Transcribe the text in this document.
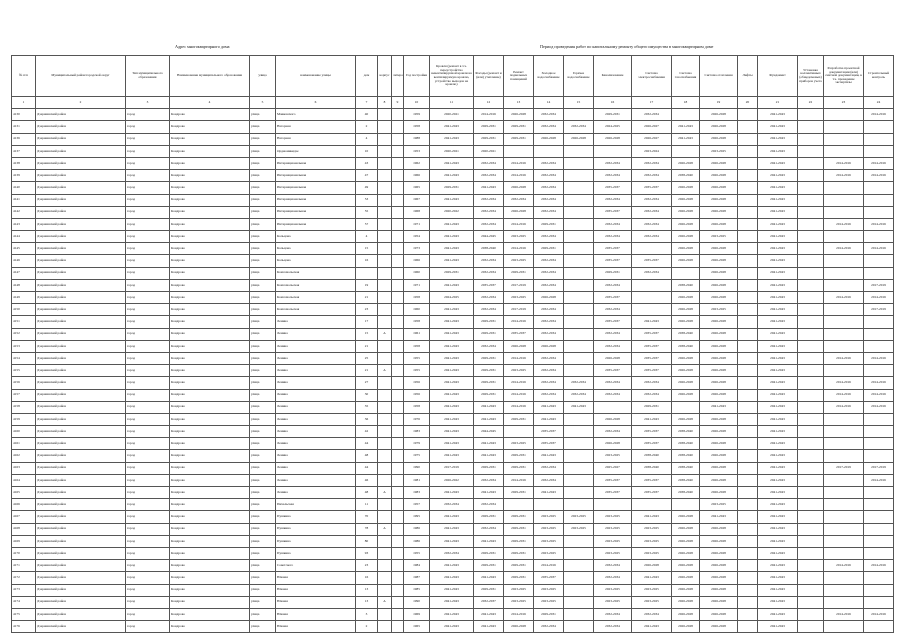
Адрес многоквартирного дома	Период проведения работ по капитальному ремонту общего имущества в многоквартирном доме
№ п/п	Муниципальный район/городской округ	Тип муниципального образования	Наименование муниципального образования	улица	наименование улицы	дом	корпус	литера	Год постройки	Кровля (ремонт в т.ч. переустройство невентилируемой кровли на вентилируемую кровлю, устройство выходов на кровлю)	Фасады (ремонт и (или) утепление)	Ремонт подвальных помещений	Холодное водоснабжение	Горячее водоснабжение	Канализование	Система электроснабжения	Система газоснабжения	Система отопления	Лифты	Фундамент	Установка коллективных (общедомовых) приборов учета	Разработка проектной документации (или) сметной документации, в т.ч. проведение экспертизы	Строительный контроль
1	2	3	4	5	6	7	8	9	10	11	12	13	14	15	16	17	18	19	20	21	22	23	24
4130	Дзержинский район	город	Кондрово	улица	Маяковского	40			1959	2020-2021	2014-2016	2026-2028	2032-2034		2029-2031	2032-2034		2026-2028		2041-2043			2014-2016
4131	Дзержинский район	город	Кондрово	улица	Нагорная	2			1958	2041-2043	2029-2031	2029-2031	2032-2034	2032-2034	2024-2025	2026-2027	2041-2043	2026-2028		2041-2043			
4136	Дзержинский район	город	Кондрово	улица	Нагорная	4			1988	2041-2043	2029-2031	2029-2031	2026-2028	2026-2028	2026-2028	2026-2027	2041-2043	2026-2028		2041-2043			
4137	Дзержинский район	город	Кондрово	улица	Орджоникидзе	10			1953	2020-2021	2020-2021					2023-2024		2023-2025		2041-2043			
4138	Дзержинский район	город	Кондрово	улица	Интернациональная	43			1962	2041-2043	2032-2034	2014-2016	2032-2034		2032-2034	2032-2034	2026-2028	2026-2028		2041-2043		2014-2016	2014-2016
4139	Дзержинский район	город	Кондрово	улица	Интернациональная	47			1966	2041-2043	2032-2034	2014-2016	2032-2034		2032-2034	2032-2034	2038-2040	2026-2028		2041-2043		2014-2016	2014-2016
4140	Дзержинский район	город	Кондрово	улица	Интернациональная	49			1965	2029-2031	2041-2043	2026-2028	2032-2034		2035-2037	2035-2037	2026-2028	2026-2028		2041-2043			
4141	Дзержинский район	город	Кондрово	улица	Интернациональная	53			1967	2041-2043	2032-2034	2032-2034	2032-2034		2032-2034	2032-2034	2026-2028	2026-2028		2041-2043			
4142	Дзержинский район	город	Кондрово	улица	Интернациональная	55			1968	2020-2022	2032-2034	2026-2028	2032-2034		2035-2037	2032-2034	2026-2028	2026-2028		2041-2043			
4143	Дзержинский район	город	Кондрово	улица	Интернациональная	57			1971	2041-2043	2032-2034	2014-2016	2029-2031		2032-2034	2032-2034	2026-2028	2026-2028		2041-2043		2014-2016	2014-2016
4144	Дзержинский район	город	Кондрово	улица	Кольцова	4			1954	2041-2043	2044-2045	2023-2025	2032-2034		2032-2034	2032-2034	2026-2028	2023-2025		2041-2043			
4145	Дзержинский район	город	Кондрово	улица	Кольцова	15			1973	2041-2043	2038-2040	2014-2016	2029-2031		2035-2037		2026-2028	2026-2028		2041-2043		2014-2016	2014-2016
4146	Дзержинский район	город	Кондрово	улица	Кольцова	16			1966	2041-2043	2032-2034	2023-2025	2032-2034		2035-2037	2035-2037	2026-2028	2026-2028		2041-2043			
4147	Дзержинский район	город	Кондрово	улица	Комсомольская				1960	2029-2031	2032-2034	2029-2031	2032-2034		2029-2031	2032-2034		2026-2028		2041-2043			
4148	Дзержинский район	город	Кондрово	улица	Комсомольская	19			1971	2041-2043	2035-2037	2017-2019	2032-2034		2032-2034		2038-2040	2026-2028		2041-2043			2017-2019
4149	Дзержинский район	город	Кондрово	улица	Комсомольская	21			1958	2024-2025	2032-2034	2023-2025	2026-2028		2035-2037		2026-2028	2026-2028		2041-2043		2014-2016	2014-2016
4150	Дзержинский район	город	Кондрово	улица	Комсомольская	23			1960	2041-2043	2032-2034	2017-2019	2032-2034		2032-2034		2026-2028	2023-2025		2041-2043			2017-2019
4151	Дзержинский район	город	Кондрово	улица	Ленина	17			1958	2041-2043	2029-2031	2014-2016	2032-2034		2035-2037	2041-2043	2026-2028	2026-2028		2041-2043			
4152	Дзержинский район	город	Кондрово	улица	Ленина	15	А		1961	2041-2043	2029-2031	2035-2037	2032-2034		2032-2034	2035-2037	2038-2040	2026-2028		2041-2043			
4153	Дзержинский район	город	Кондрово	улица	Ленина	21			1958	2041-2043	2032-2034	2026-2028	2026-2028		2032-2034	2035-2037	2038-2040	2026-2028		2041-2043			
4154	Дзержинский район	город	Кондрово	улица	Ленина	25			1955	2041-2043	2029-2031	2014-2016	2032-2034		2026-2028	2035-2037	2026-2028	2026-2028		2041-2043		2014-2016	2014-2016
4155	Дзержинский район	город	Кондрово	улица	Ленина	21	А		1955	2041-2043	2029-2031	2023-2025	2032-2034		2035-2037	2035-2037	2026-2028	2026-2028		2041-2043			
4156	Дзержинский район	город	Кондрово	улица	Ленина	27			1956	2041-2043	2029-2031	2014-2016	2032-2034	2032-2034	2032-2034	2032-2034	2026-2028	2026-2028		2041-2043		2014-2016	2014-2016
4157	Дзержинский район	город	Кондрово	улица	Ленина	30			1956	2041-2043	2029-2031	2014-2016	2032-2034	2032-2034	2032-2034	2032-2034	2026-2028	2026-2028		2041-2043		2014-2016	2014-2016
4158	Дзержинский район	город	Кондрово	улица	Ленина	35			1958	2041-2043	2041-2043	2014-2016	2041-2043	2041-2043		2029-2031		2041-2043		2041-2043		2014-2016	2014-2016
4159	Дзержинский район	город	Кондрово	улица	Ленина	36			1976	2041-2043	2041-2043	2029-2031	2041-2043		2026-2028	2041-2043	2026-2028	2026-2028		2041-2043			
4160	Дзержинский район	город	Кондрово	улица	Ленина	42			1983	2041-2043	2044-2045		2035-2037		2032-2034	2035-2037	2038-2040	2026-2028		2041-2043			
4161	Дзержинский район	город	Кондрово	улица	Ленина	44			1979	2041-2043	2041-2043	2023-2025	2035-2037		2026-2028	2035-2037	2038-2040	2026-2028		2041-2043			
4162	Дзержинский район	город	Кондрово	улица	Ленина	48			1975	2041-2043	2041-2043	2029-2031	2041-2043		2023-2025	2038-2040	2038-2040	2026-2028		2041-2043			
4163	Дзержинский район	город	Кондрово	улица	Ленина	44			1990	2017-2019	2029-2031	2029-2031	2032-2034		2025-2027	2038-2040	2038-2040	2026-2028		2041-2043		2017-2019	2017-2019
4164	Дзержинский район	город	Кондрово	улица	Ленина	46			1981	2026-2022	2032-2034	2014-2016	2032-2034		2035-2037	2035-2037	2038-2040	2026-2028		2041-2043			2014-2016
4165	Дзержинский район	город	Кондрово	улица	Ленина	48	А		1983	2041-2043	2041-2043	2029-2031	2041-2043		2035-2037	2035-2037	2038-2040	2026-2028		2041-2043			
4166	Дзержинский район	город	Кондрово	улица	Пихальская	11			1957	2032-2034	2032-2034							2023-2025		2041-2043			
4167	Дзержинский район	город	Кондрово	улица	Пушкина	70			1995	2041-2043	2029-2031	2029-2031	2023-2025	2023-2025	2023-2025	2041-2043	2026-2028	2041-2043		2041-2043			
4168	Дзержинский район	город	Кондрово	улица	Пушкина	78	А		1986	2041-2043	2032-2034	2029-2031	2023-2025	2023-2025	2023-2025	2023-2025	2026-2028	2026-2028		2041-2043			
4169	Дзержинский район	город	Кондрово	улица	Пушкина	80			1986	2041-2043	2041-2043	2029-2031	2023-2025		2023-2025	2023-2025	2026-2028	2026-2028		2041-2043			
4170	Дзержинский район	город	Кондрово	улица	Пушкина	93			1955	2032-2034	2029-2031	2029-2031	2023-2025		2023-2025	2023-2025	2026-2028	2026-2028		2041-2043			
4171	Дзержинский район	город	Кондрово	улица	Советского	23			1984	2041-2043	2029-2031	2029-2031	2014-2016		2032-2034	2026-2028	2026-2028	2026-2028		2041-2043		2014-2016	2014-2016
4172	Дзержинский район	город	Кондрово	улица	Южная	16			1987	2041-2043	2041-2043	2029-2031	2035-2037		2032-2034	2041-2043	2026-2028	2026-2028		2041-2043			
4173	Дзержинский район	город	Кондрово	улица	Южная	13			1985	2041-2043	2029-2031	2023-2025	2023-2025		2023-2025	2023-2025	2026-2028	2026-2028		2041-2043			
4174	Дзержинский район	город	Кондрово	улица	Южная	13	А		1990	2041-2043	2032-2037	2023-2025	2023-2025		2023-2025	2023-2025	2026-2028	2026-2028		2041-2043			
4175	Дзержинский район	город	Кондрово	улица	Южная	3			1969	2041-2043	2041-2043	2014-2016	2029-2031		2032-2034	2032-2034	2026-2028	2026-2028		2041-2043		2014-2016	2014-2016
4176	Дзержинский район	город	Кондрово	улица	Южная	2			1965	2041-2043	2041-2043	2026-2028	2032-2034		2032-2034	2041-2043	2026-2028	2026-2028		2041-2043			
